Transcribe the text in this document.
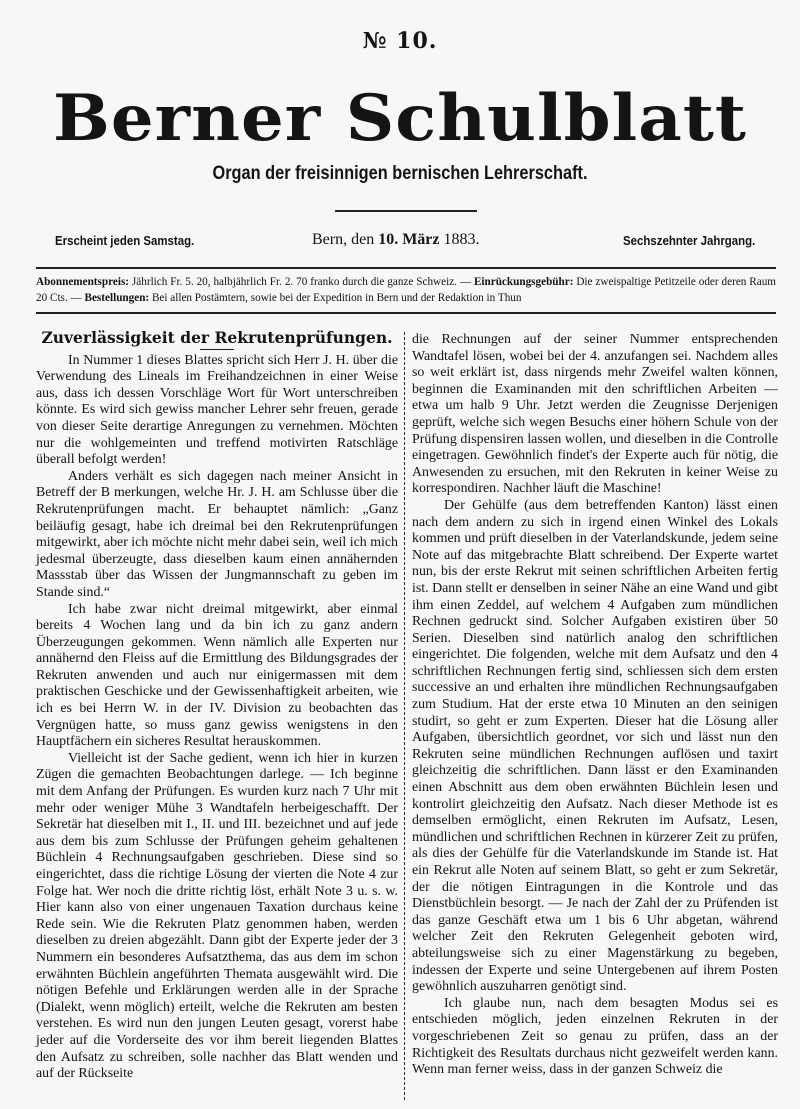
№ 10.
Berner Schulblatt
Organ der freisinnigen bernischen Lehrerschaft.
Erscheint jeden Samstag.	Bern, den 10. März 1883.	Sechszehnter Jahrgang.
Abonnementspreis: Jährlich Fr. 5. 20, halbjährlich Fr. 2. 70 franko durch die ganze Schweiz. — Einrückungsgebühr: Die zweispaltige Petitzeile oder deren Raum 20 Cts. — Bestellungen: Bei allen Postämtern, sowie bei der Expedition in Bern und der Redaktion in Thun
Zuverlässigkeit der Rekrutenprüfungen.

In Nummer 1 dieses Blattes spricht sich Herr J. H. über die Verwendung des Lineals im Freihandzeichnen in einer Weise aus, dass ich dessen Vorschläge Wort für Wort unterschreiben könnte. Es wird sich gewiss mancher Lehrer sehr freuen, gerade von dieser Seite derartige Anregungen zu vernehmen. Möchten nur die wohlgemeinten und treffend motivirten Ratschläge überall befolgt werden!

Anders verhält es sich dagegen nach meiner Ansicht in Betreff der B merkungen, welche Hr. J. H. am Schlusse über die Rekrutenprüfungen macht. Er behauptet nämlich: „Ganz beiläufig gesagt, habe ich dreimal bei den Rekrutenprüfungen mitgewirkt, aber ich möchte nicht mehr dabei sein, weil ich mich jedesmal überzeugte, dass dieselben kaum einen annähernden Massstab über das Wissen der Jungmannschaft zu geben im Stande sind.“

Ich habe zwar nicht dreimal mitgewirkt, aber einmal bereits 4 Wochen lang und da bin ich zu ganz andern Überzeugungen gekommen. Wenn nämlich alle Experten nur annähernd den Fleiss auf die Ermittlung des Bildungsgrades der Rekruten anwenden und auch nur einigermassen mit dem praktischen Geschicke und der Gewissenhaftigkeit arbeiten, wie ich es bei Herrn W. in der IV. Division zu beobachten das Vergnügen hatte, so muss ganz gewiss wenigstens in den Hauptfächern ein sicheres Resultat herauskommen.

Vielleicht ist der Sache gedient, wenn ich hier in kurzen Zügen die gemachten Beobachtungen darlege. — Ich beginne mit dem Anfang der Prüfungen. Es wurden kurz nach 7 Uhr mit mehr oder weniger Mühe 3 Wandtafeln herbeigeschafft. Der Sekretär hat dieselben mit I., II. und III. bezeichnet und auf jede aus dem bis zum Schlusse der Prüfungen geheim gehaltenen Büchlein 4 Rechnungsaufgaben geschrieben. Diese sind so eingerichtet, dass die richtige Lösung der vierten die Note 4 zur Folge hat. Wer noch die dritte richtig löst, erhält Note 3 u. s. w. Hier kann also von einer ungenauen Taxation durchaus keine Rede sein. Wie die Rekruten Platz genommen haben, werden dieselben zu dreien abgezählt. Dann gibt der Experte jeder der 3 Nummern ein besonderes Aufsatzthema, das aus dem im schon erwähnten Büchlein angeführten Themata ausgewählt wird. Die nötigen Befehle und Erklärungen werden alle in der Sprache (Dialekt, wenn möglich) erteilt, welche die Rekruten am besten verstehen. Es wird nun den jungen Leuten gesagt, vorerst habe jeder auf die Vorderseite des vor ihm bereit liegenden Blattes den Aufsatz zu schreiben, solle nachher das Blatt wenden und auf der Rückseite

die Rechnungen auf der seiner Nummer entsprechenden Wandtafel lösen, wobei bei der 4. anzufangen sei. Nachdem alles so weit erklärt ist, dass nirgends mehr Zweifel walten können, beginnen die Examinanden mit den schriftlichen Arbeiten — etwa um halb 9 Uhr. Jetzt werden die Zeugnisse Derjenigen geprüft, welche sich wegen Besuchs einer höhern Schule von der Prüfung dispensiren lassen wollen, und dieselben in die Controlle eingetragen. Gewöhnlich findet's der Experte auch für nötig, die Anwesenden zu ersuchen, mit den Rekruten in keiner Weise zu korrespondiren. Nachher läuft die Maschine!

Der Gehülfe (aus dem betreffenden Kanton) lässt einen nach dem andern zu sich in irgend einen Winkel des Lokals kommen und prüft dieselben in der Vaterlandskunde, jedem seine Note auf das mitgebrachte Blatt schreibend. Der Experte wartet nun, bis der erste Rekrut mit seinen schriftlichen Arbeiten fertig ist. Dann stellt er denselben in seiner Nähe an eine Wand und gibt ihm einen Zeddel, auf welchem 4 Aufgaben zum mündlichen Rechnen gedruckt sind. Solcher Aufgaben existiren über 50 Serien. Dieselben sind natürlich analog den schriftlichen eingerichtet. Die folgenden, welche mit dem Aufsatz und den 4 schriftlichen Rechnungen fertig sind, schliessen sich dem ersten successive an und erhalten ihre mündlichen Rechnungsaufgaben zum Studium. Hat der erste etwa 10 Minuten an den seinigen studirt, so geht er zum Experten. Dieser hat die Lösung aller Aufgaben, übersichtlich geordnet, vor sich und lässt nun den Rekruten seine mündlichen Rechnungen auflösen und taxirt gleichzeitig die schriftlichen. Dann lässt er den Examinanden einen Abschnitt aus dem oben erwähnten Büchlein lesen und kontrolirt gleichzeitig den Aufsatz. Nach dieser Methode ist es demselben ermöglicht, einen Rekruten im Aufsatz, Lesen, mündlichen und schriftlichen Rechnen in kürzerer Zeit zu prüfen, als dies der Gehülfe für die Vaterlandskunde im Stande ist. Hat ein Rekrut alle Noten auf seinem Blatt, so geht er zum Sekretär, der die nötigen Eintragungen in die Kontrole und das Dienstbüchlein besorgt. — Je nach der Zahl der zu Prüfenden ist das ganze Geschäft etwa um 1 bis 6 Uhr abgetan, während welcher Zeit den Rekruten Gelegenheit geboten wird, abteilungsweise sich zu einer Magenstärkung zu begeben, indessen der Experte und seine Untergebenen auf ihrem Posten gewöhnlich auszuharren genötigt sind.

Ich glaube nun, nach dem besagten Modus sei es entschieden möglich, jeden einzelnen Rekruten in der vorgeschriebenen Zeit so genau zu prüfen, dass an der Richtigkeit des Resultats durchaus nicht gezweifelt werden kann. Wenn man ferner weiss, dass in der ganzen Schweiz die
